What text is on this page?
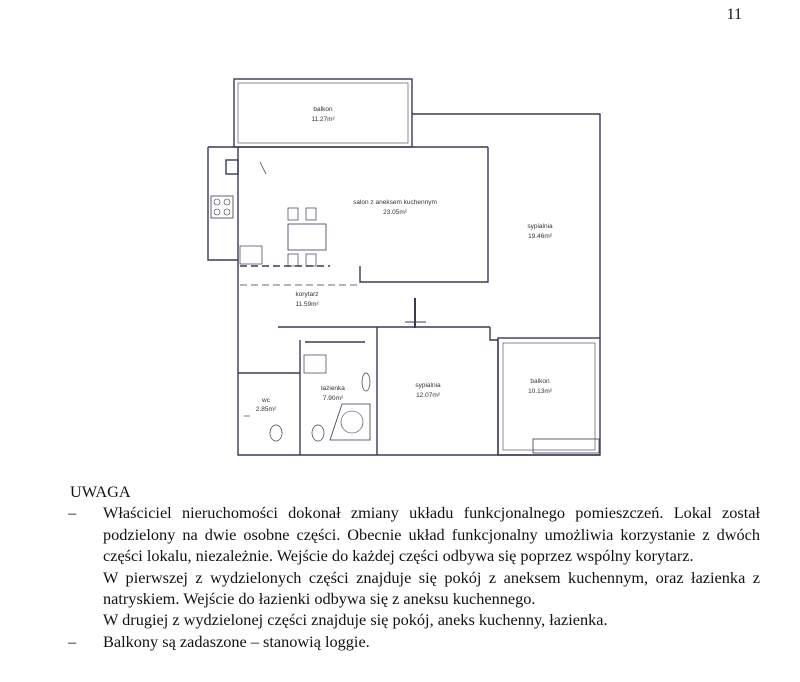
11
balkon
11.27m²
salon z aneksem kuchennym
23.05m²
sypialnia
19.46m²
korytarz
11.59m²
wc
2.85m²
łazienka
7.90m²
sypialnia
12.07m²
balkon
10.13m²
UWAGA
– Właściciel nieruchomości dokonał zmiany układu funkcjonalnego pomieszczeń. Lokal został podzielony na dwie osobne części. Obecnie układ funkcjonalny umożliwia korzystanie z dwóch części lokalu, niezależnie. Wejście do każdej części odbywa się poprzez wspólny korytarz.

W pierwszej z wydzielonych części znajduje się pokój z aneksem kuchennym, oraz łazienka z natryskiem. Wejście do łazienki odbywa się z aneksu kuchennego.

W drugiej z wydzielonej części znajduje się pokój, aneks kuchenny, łazienka.

– Balkony są zadaszone – stanowią loggie.
